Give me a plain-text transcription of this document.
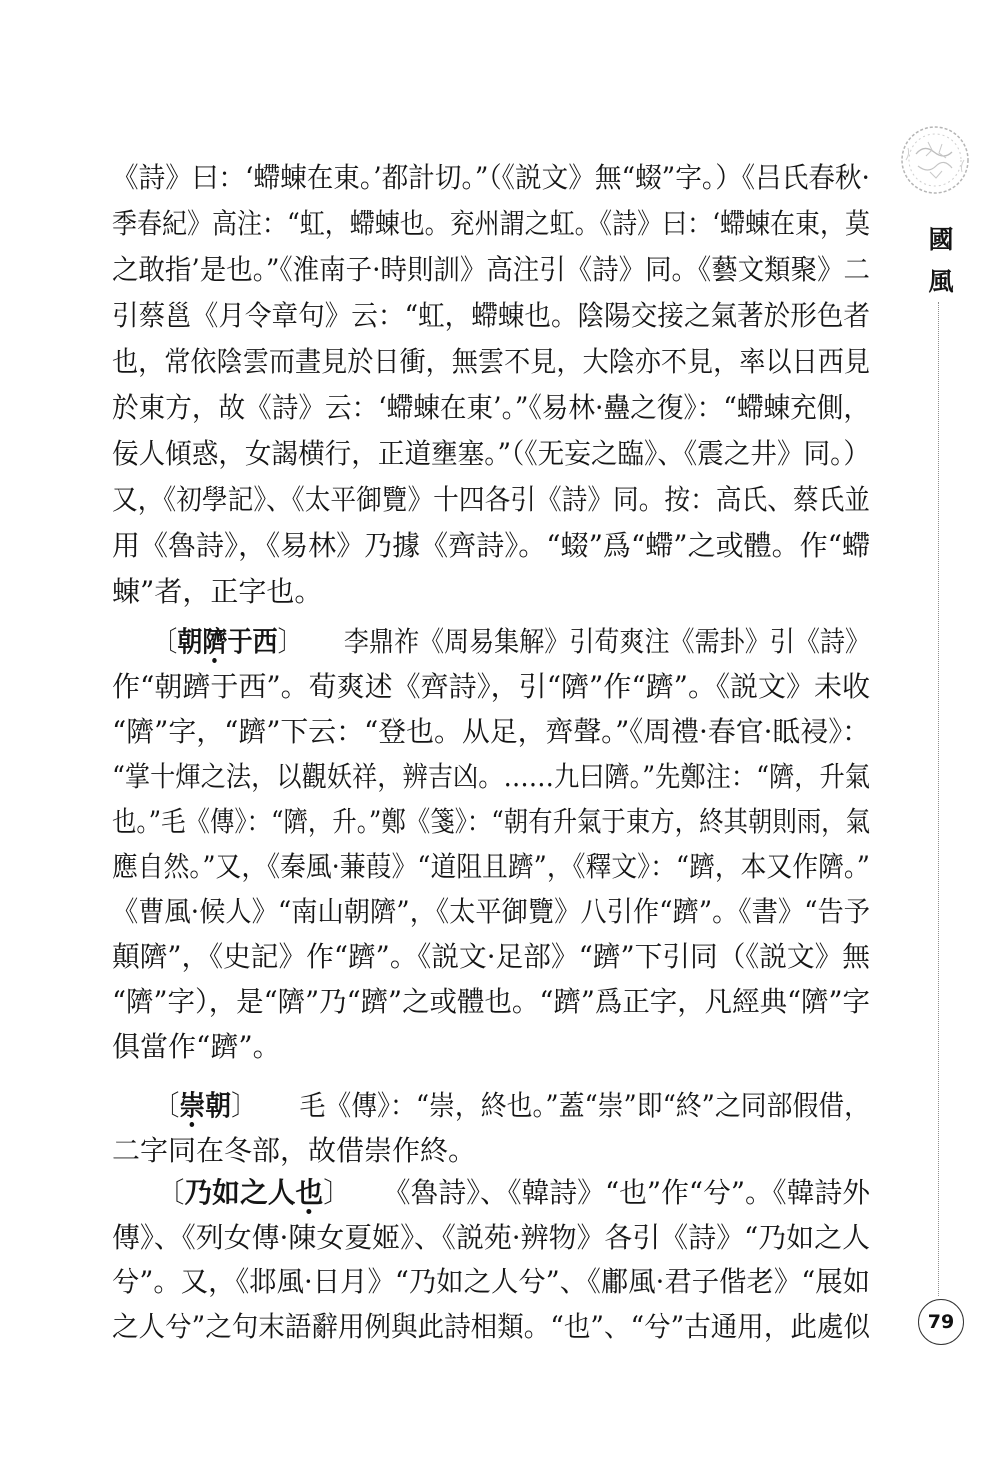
《詩》曰：‘螮蝀在東。’都計切。”（《説文》無“蝃”字。）《吕氏春秋·
季春紀》高注：“虹，螮蝀也。兖州謂之虹。《詩》曰：‘螮蝀在東，莫
之敢指’是也。”《淮南子·時則訓》高注引《詩》同。《藝文類聚》二
引蔡邕《月令章句》云：“虹，螮蝀也。陰陽交接之氣著於形色者
也，常依陰雲而晝見於日衝，無雲不見，大陰亦不見，率以日西見
於東方，故《詩》云：‘螮蝀在東’。”《易林·蠱之復》：“螮蝀充側，
佞人傾惑，女謁横行，正道壅塞。”（《无妄之臨》、《震之井》同。）
又，《初學記》、《太平御覽》十四各引《詩》同。按：高氏、蔡氏並
用《魯詩》，《易林》乃據《齊詩》。“蝃”爲“螮”之或體。作“螮
蝀”者，正字也。
〔朝隮于西〕 李鼎祚《周易集解》引荀爽注《需卦》引《詩》
作“朝躋于西”。荀爽述《齊詩》，引“隮”作“躋”。《説文》未收
“隮”字，“躋”下云：“登也。从足，齊聲。”《周禮·春官·眡祲》：
“掌十煇之法，以觀妖祥，辨吉凶。……九曰隮。”先鄭注：“隮，升氣
也。”毛《傳》：“隮，升。”鄭《箋》：“朝有升氣于東方，終其朝則雨，氣
應自然。”又，《秦風·蒹葭》“道阻且躋”，《釋文》：“躋，本又作隮。”
《曹風·候人》“南山朝隮”，《太平御覽》八引作“躋”。《書》“告予
顛隮”，《史記》作“躋”。《説文·足部》“躋”下引同（《説文》無
“隮”字），是“隮”乃“躋”之或體也。“躋”爲正字，凡經典“隮”字
俱當作“躋”。
〔崇朝〕 毛《傳》：“崇，終也。”蓋“崇”即“終”之同部假借，
二字同在冬部，故借崇作終。
〔乃如之人也〕 《魯詩》、《韓詩》“也”作“兮”。《韓詩外
傳》、《列女傳·陳女夏姬》、《説苑·辨物》各引《詩》“乃如之人
兮”。又，《邶風·日月》“乃如之人兮”、《鄘風·君子偕老》“展如
之人兮”之句末語辭用例與此詩相類。“也”、“兮”古通用，此處似
國
風
79
